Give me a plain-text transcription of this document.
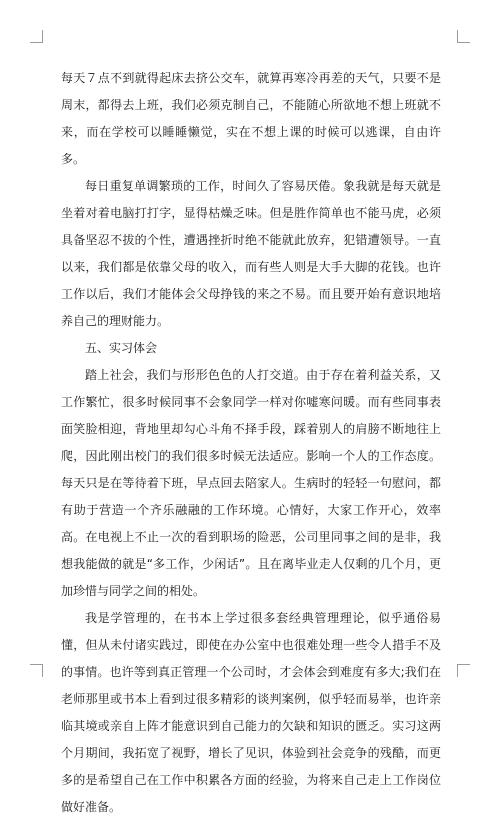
每天７点不到就得起床去挤公交车，就算再寒冷再差的天气，只要不是周末，都得去上班，我们必须克制自己，不能随心所欲地不想上班就不来，而在学校可以睡睡懒觉，实在不想上课的时候可以逃课，自由许多。

每日重复单调繁琐的工作，时间久了容易厌倦。象我就是每天就是坐着对着电脑打打字，显得枯燥乏味。但是胜作简单也不能马虎，必须具备坚忍不拔的个性，遭遇挫折时绝不能就此放弃，犯错遭领导。一直以来，我们都是依靠父母的收入，而有些人则是大手大脚的花钱。也许工作以后，我们才能体会父母挣钱的来之不易。而且要开始有意识地培养自己的理财能力。

五、实习体会

踏上社会，我们与形形色色的人打交道。由于存在着利益关系，又工作繁忙，很多时候同事不会象同学一样对你嘘寒问暖。而有些同事表面笑脸相迎，背地里却勾心斗角不择手段，踩着别人的肩膀不断地往上爬，因此刚出校门的我们很多时候无法适应。影响一个人的工作态度。每天只是在等待着下班，早点回去陪家人。生病时的轻轻一句慰问，都有助于营造一个齐乐融融的工作环境。心情好，大家工作开心，效率高。在电视上不止一次的看到职场的险恶，公司里同事之间的是非，我想我能做的就是“多工作，少闲话”。且在离毕业走人仅剩的几个月，更加珍惜与同学之间的相处。

我是学管理的，在书本上学过很多套经典管理理论，似乎通俗易懂，但从未付诸实践过，即使在办公室中也很难处理一些令人措手不及的事情。也许等到真正管理一个公司时，才会体会到难度有多大;我们在老师那里或书本上看到过很多精彩的谈判案例，似乎轻而易举，也许亲临其境或亲自上阵才能意识到自己能力的欠缺和知识的匮乏。实习这两个月期间，我拓宽了视野，增长了见识，体验到社会竞争的残酷，而更多的是希望自己在工作中积累各方面的经验，为将来自己走上工作岗位做好准备。
